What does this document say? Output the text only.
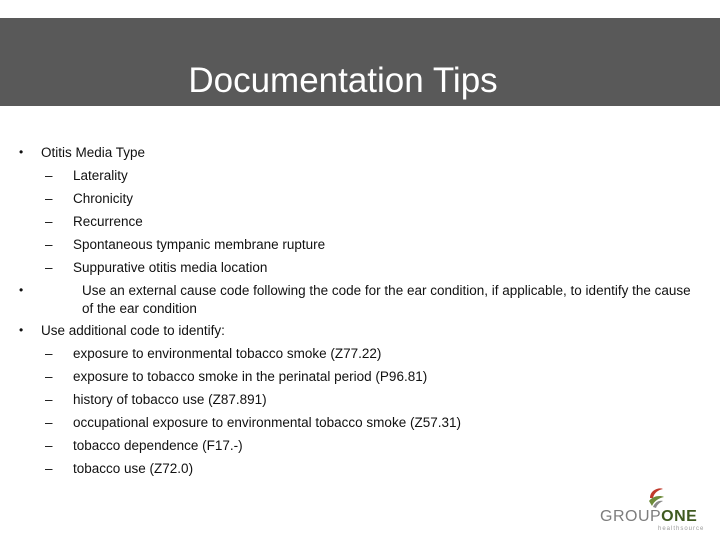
Documentation Tips
• Otitis Media Type
– Laterality
– Chronicity
– Recurrence
– Spontaneous tympanic membrane rupture
– Suppurative otitis media location
•	Use an external cause code following the code for the ear condition, if applicable, to identify the cause of the ear condition
• Use additional code to identify:
– exposure to environmental tobacco smoke (Z77.22)
– exposure to tobacco smoke in the perinatal period (P96.81)
– history of tobacco use (Z87.891)
– occupational exposure to environmental tobacco smoke (Z57.31)
– tobacco dependence (F17.-)
– tobacco use (Z72.0)
GROUPONE
healthsource
